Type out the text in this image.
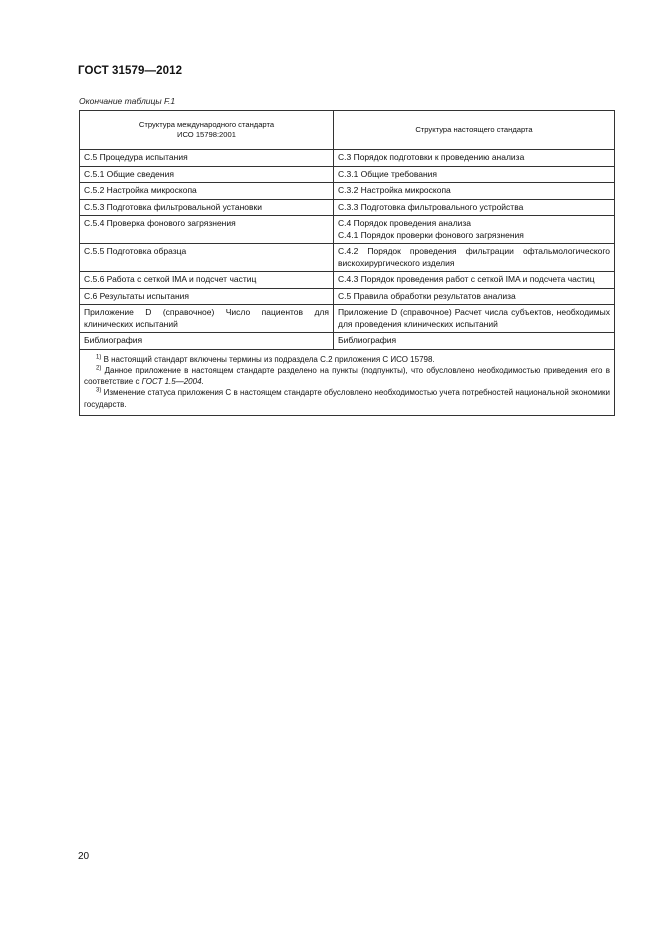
ГОСТ 31579—2012
Окончание таблицы F.1
Структура международного стандарта
ИСО 15798:2001	Структура настоящего стандарта

С.5 Процедура испытания	С.3 Порядок подготовки к проведению анализа

С.5.1 Общие сведения	С.3.1 Общие требования

С.5.2 Настройка микроскопа	С.3.2 Настройка микроскопа

С.5.3 Подготовка фильтровальной установки	С.3.3 Подготовка фильтровального устройства

С.5.4 Проверка фонового загрязнения	С.4 Порядок проведения анализа
С.4.1 Порядок проверки фонового загрязнения

С.5.5 Подготовка образца	С.4.2 Порядок проведения фильтрации офтальмологического вискохирургического изделия

С.5.6 Работа с сеткой IMA и подсчет частиц	С.4.3 Порядок проведения работ с сеткой IMA и подсчета частиц

С.6 Результаты испытания	С.5 Правила обработки результатов анализа

Приложение D (справочное) Число пациентов для клинических испытаний	Приложение D (справочное) Расчет числа субъектов, необходимых для проведения клинических испытаний

Библиография	Библиография

$^{1)}$ В настоящий стандарт включены термины из подраздела С.2 приложения С ИСО 15798.

$^{2)}$ Данное приложение в настоящем стандарте разделено на пункты (подпункты), что обусловлено необходимостью приведения его в соответствие с ГОСТ 1.5—2004.

$^{3)}$ Изменение статуса приложения С в настоящем стандарте обусловлено необходимостью учета потребностей национальной экономики государств.	

20
